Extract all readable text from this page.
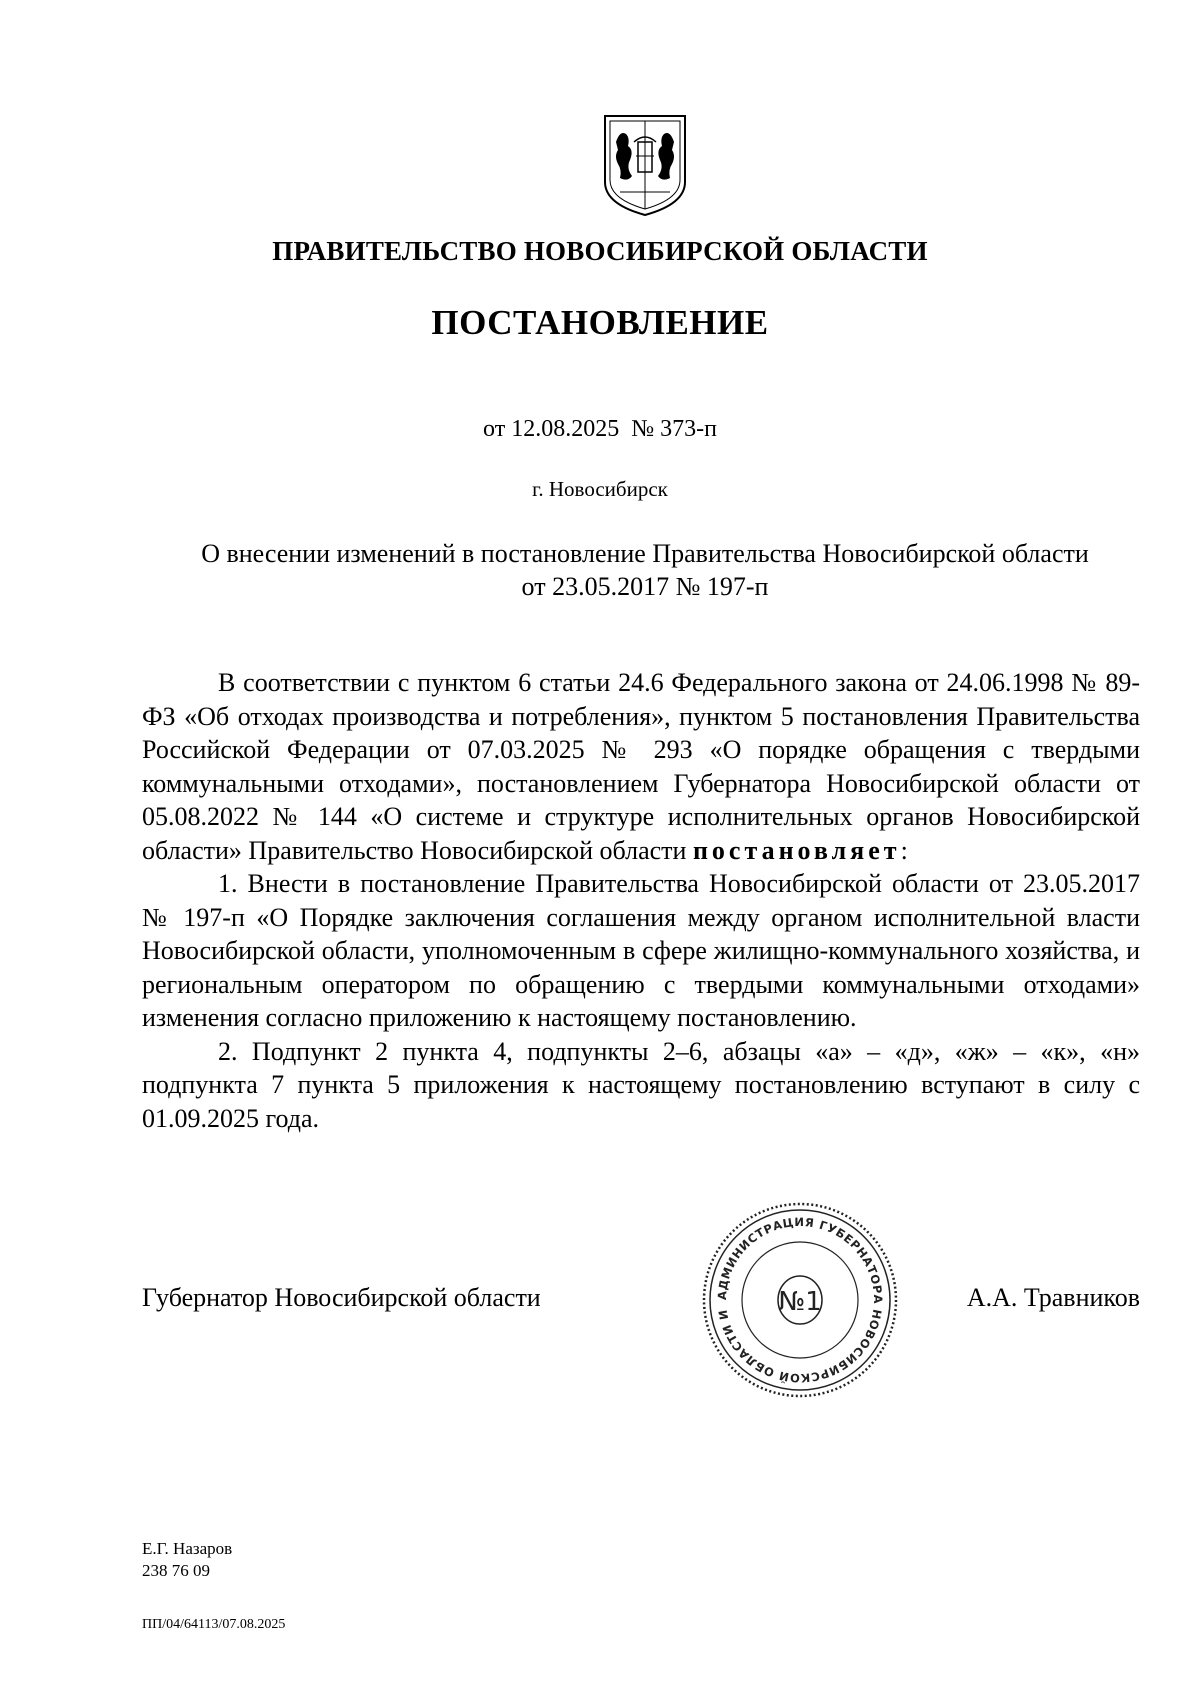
ПРАВИТЕЛЬСТВО НОВОСИБИРСКОЙ ОБЛАСТИ
ПОСТАНОВЛЕНИЕ
от 12.08.2025 № 373-п
г. Новосибирск
О внесении изменений в постановление Правительства Новосибирской области
от 23.05.2017 № 197-п

В соответствии с пунктом 6 статьи 24.6 Федерального закона от 24.06.1998 № 89-ФЗ «Об отходах производства и потребления», пунктом 5 постановления Правительства Российской Федерации от 07.03.2025 № 293 «О порядке обращения с твердыми коммунальными отходами», постановлением Губернатора Новосибирской области от 05.08.2022 № 144 «О системе и структуре исполнительных органов Новосибирской области» Правительство Новосибирской области постановляет:

1. Внести в постановление Правительства Новосибирской области от 23.05.2017 № 197-п «О Порядке заключения соглашения между органом исполнительной власти Новосибирской области, уполномоченным в сфере жилищно-коммунального хозяйства, и региональным оператором по обращению с твердыми коммунальными отходами» изменения согласно приложению к настоящему постановлению.

2. Подпункт 2 пункта 4, подпункты 2–6, абзацы «а» – «д», «ж» – «к», «н» подпункта 7 пункта 5 приложения к настоящему постановлению вступают в силу с 01.09.2025 года.

Губернатор Новосибирской области	АДМИНИСТРАЦИЯ ГУБЕРНАТОРА НОВОСИБИРСКОЙ ОБЛАСТИ И	№1	А.А. Травников
Е.Г. Назаров
238 76 09
ПП/04/64113/07.08.2025
